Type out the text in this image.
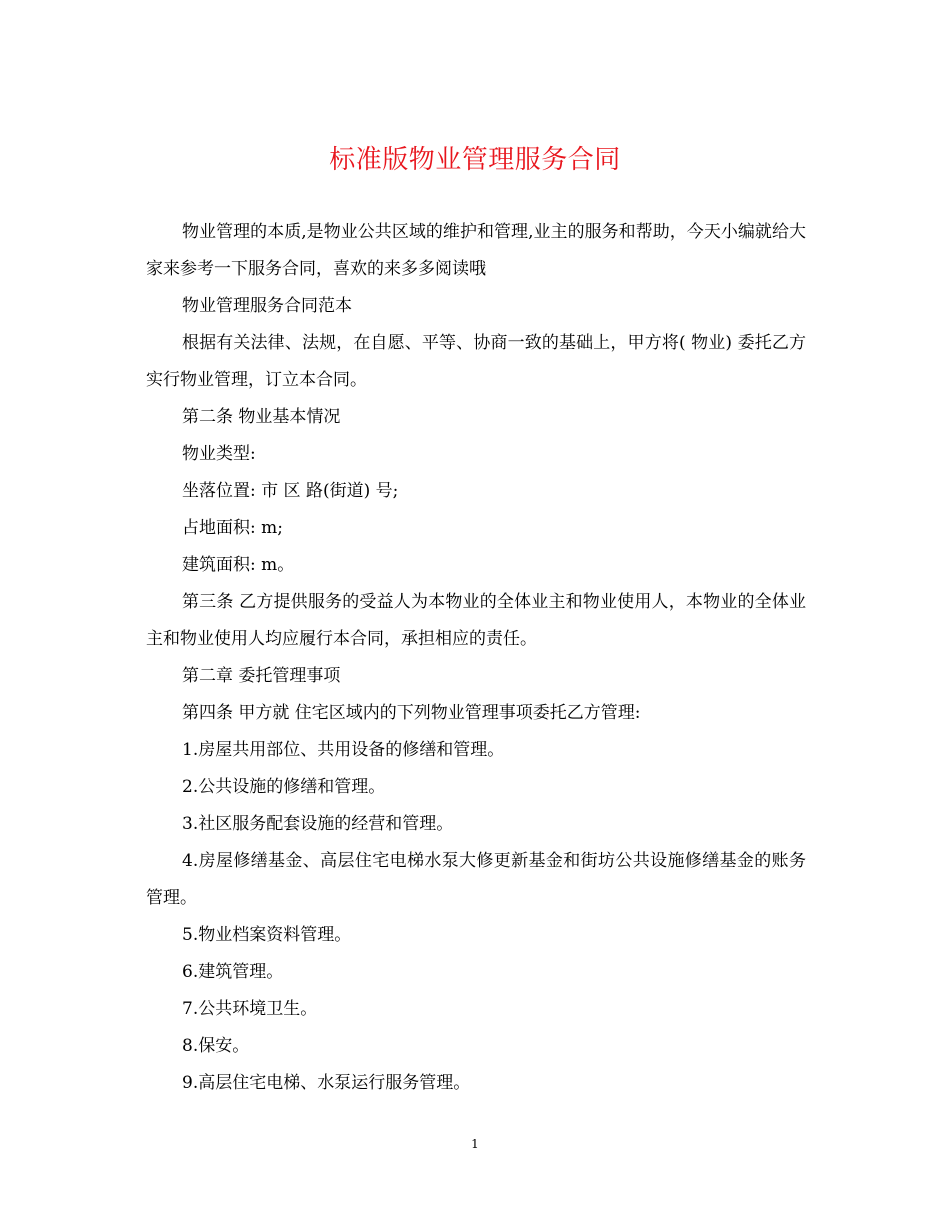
标准版物业管理服务合同

物业管理的本质,是物业公共区域的维护和管理,业主的服务和帮助，今天小编就给大家来参考一下服务合同，喜欢的来多多阅读哦

物业管理服务合同范本

根据有关法律、法规，在自愿、平等、协商一致的基础上，甲方将( 物业) 委托乙方实行物业管理，订立本合同。

第二条 物业基本情况

物业类型:

坐落位置: 市 区 路(街道) 号;

占地面积: m;

建筑面积: m。

第三条 乙方提供服务的受益人为本物业的全体业主和物业使用人，本物业的全体业主和物业使用人均应履行本合同，承担相应的责任。

第二章 委托管理事项

第四条 甲方就 住宅区域内的下列物业管理事项委托乙方管理:

1.房屋共用部位、共用设备的修缮和管理。

2.公共设施的修缮和管理。

3.社区服务配套设施的经营和管理。

4.房屋修缮基金、高层住宅电梯水泵大修更新基金和街坊公共设施修缮基金的账务管理。

5.物业档案资料管理。

6.建筑管理。

7.公共环境卫生。

8.保安。

9.高层住宅电梯、水泵运行服务管理。

1
